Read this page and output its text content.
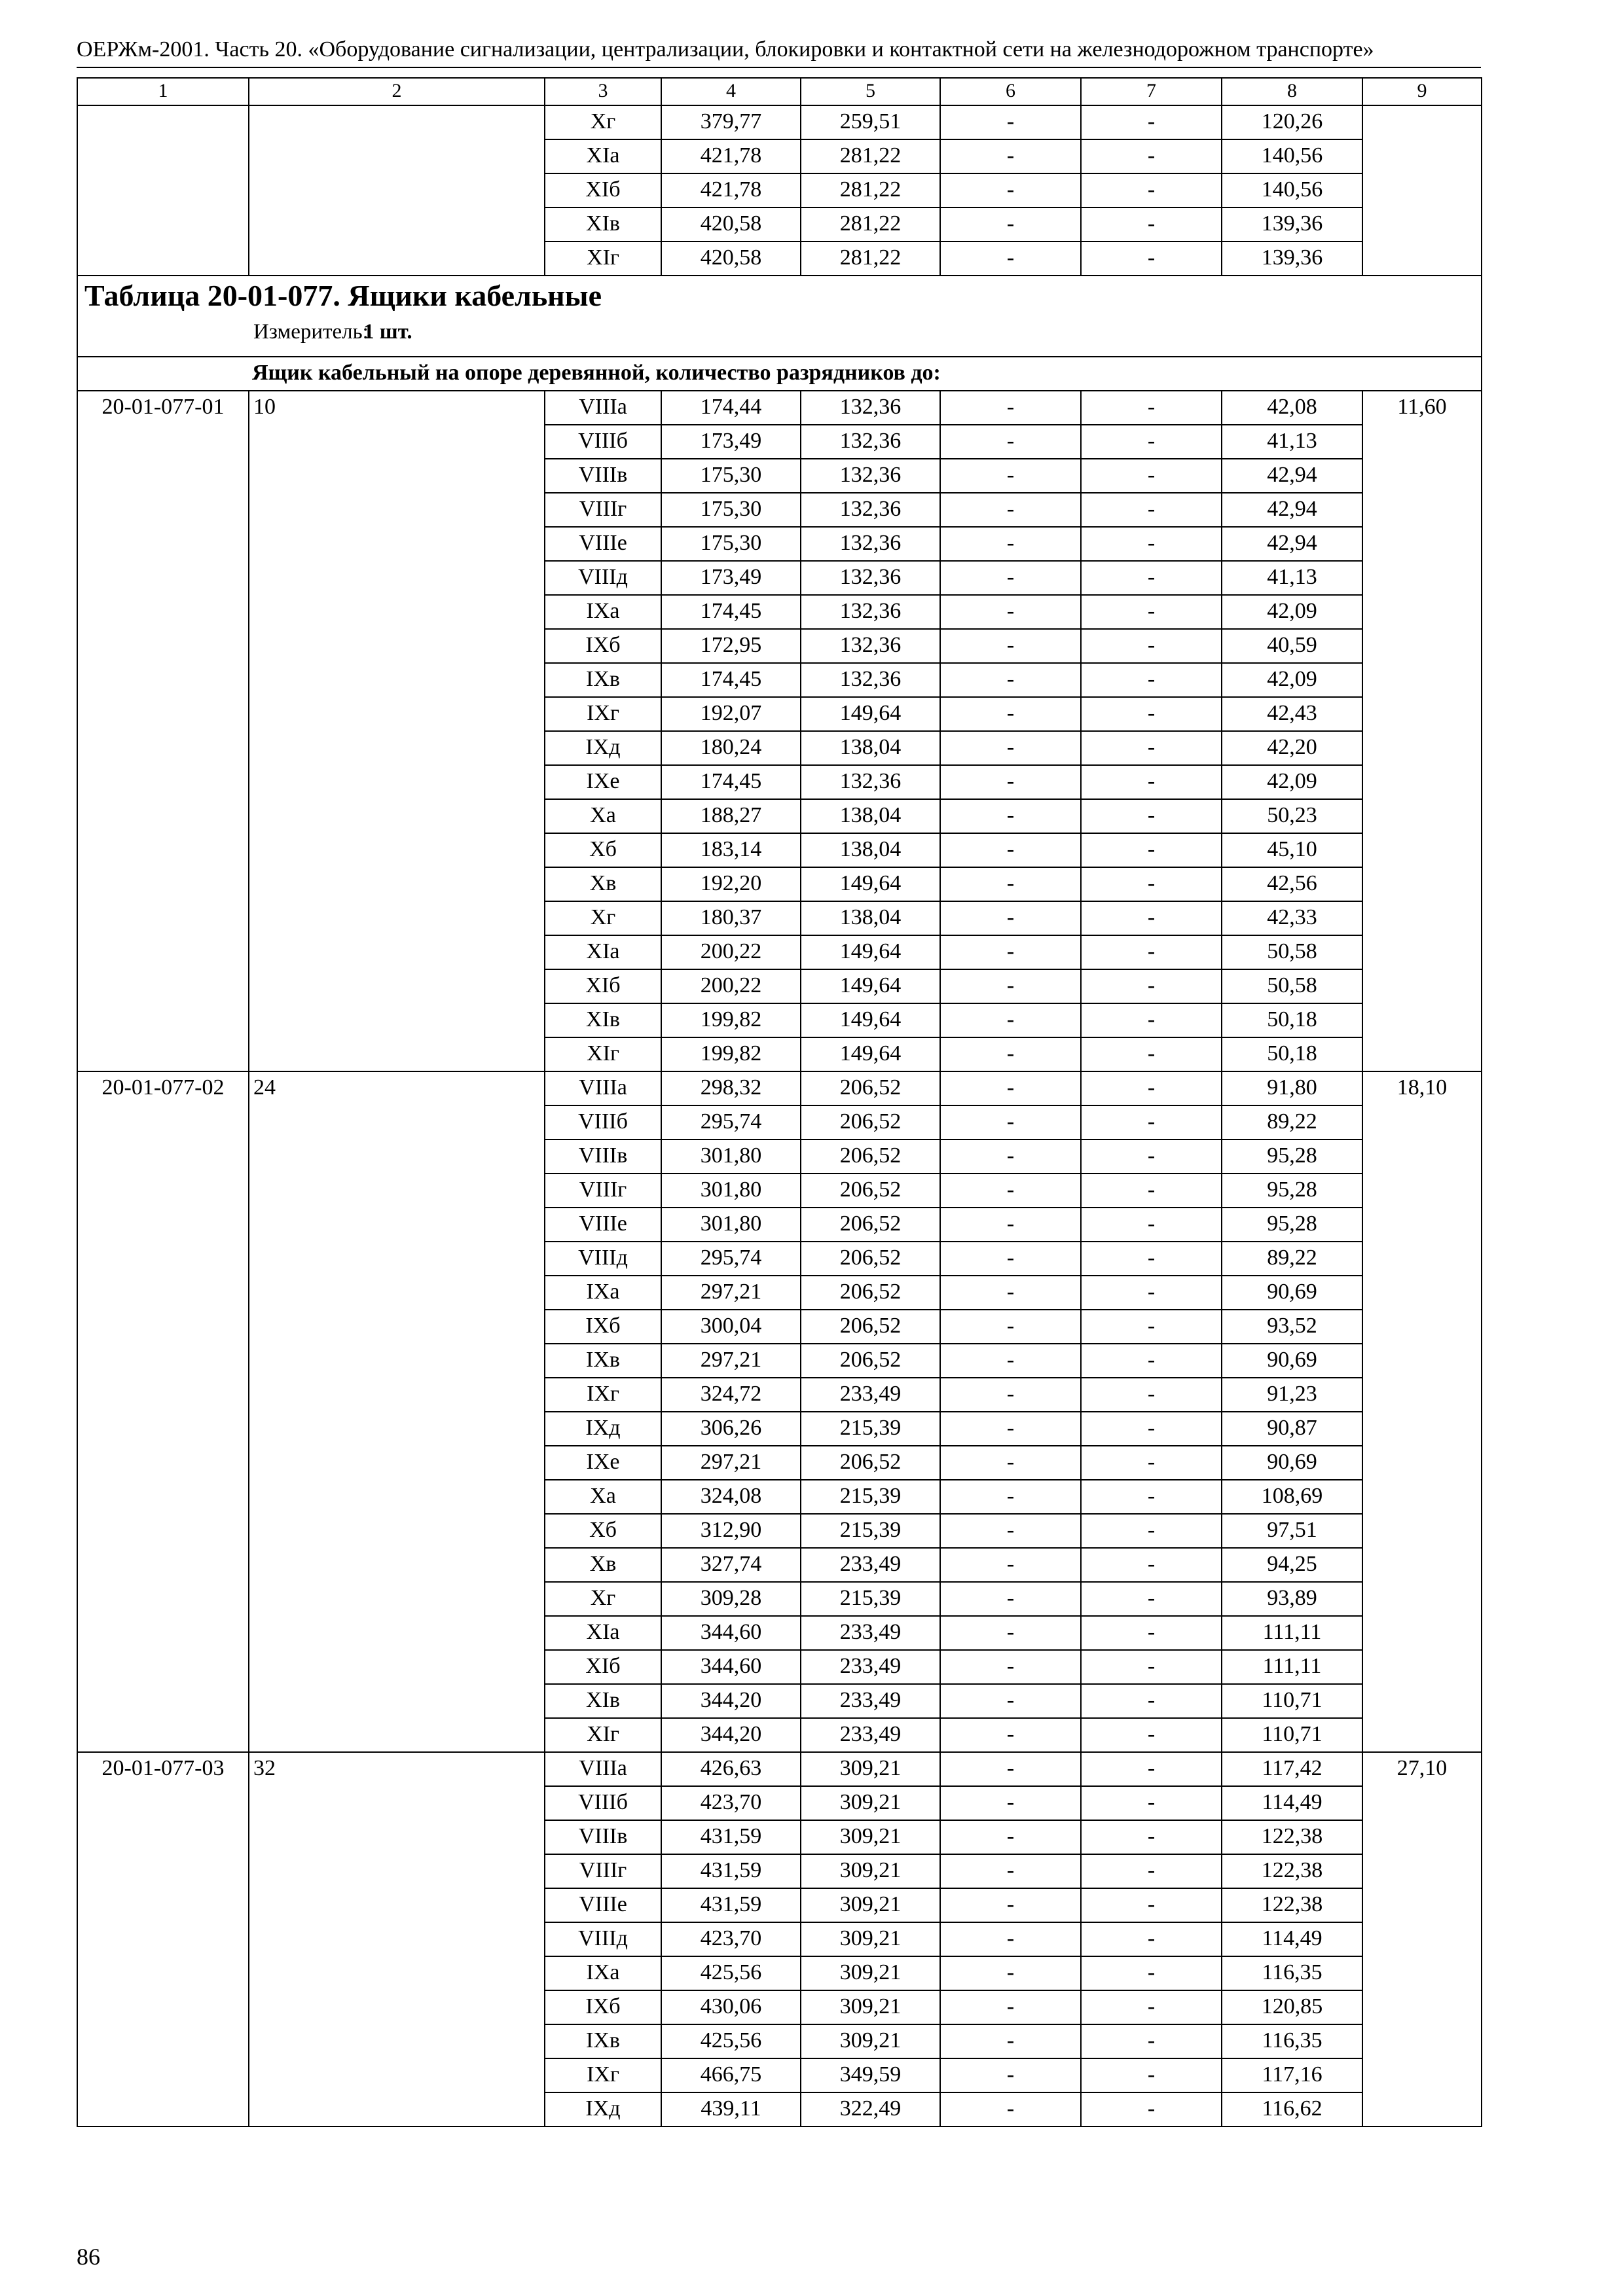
ОЕРЖм-2001. Часть 20. «Оборудование сигнализации, централизации, блокировки и контактной сети на железнодорожном транспорте»
1	2	3	4	5	6	7	8	9
		Xг	379,77	259,51	-	-	120,26	
		XIа	421,78	281,22	-	-	140,56	
		XIб	421,78	281,22	-	-	140,56	
		XIв	420,58	281,22	-	-	139,36	
		XIг	420,58	281,22	-	-	139,36	

Таблица 20-01-077. Ящики кабельные
Измеритель:1 шт.								

Ящик кабельный на опоре деревянной, количество разрядников до:								
20-01-077-01	10	VIIIа	174,44	132,36	-	-	42,08	11,60
		VIIIб	173,49	132,36	-	-	41,13	
		VIIIв	175,30	132,36	-	-	42,94	
		VIIIг	175,30	132,36	-	-	42,94	
		VIIIе	175,30	132,36	-	-	42,94	
		VIIIд	173,49	132,36	-	-	41,13	
		IXа	174,45	132,36	-	-	42,09	
		IXб	172,95	132,36	-	-	40,59	
		IXв	174,45	132,36	-	-	42,09	
		IXг	192,07	149,64	-	-	42,43	
		IXд	180,24	138,04	-	-	42,20	
		IXе	174,45	132,36	-	-	42,09	
		Xа	188,27	138,04	-	-	50,23	
		Xб	183,14	138,04	-	-	45,10	
		Xв	192,20	149,64	-	-	42,56	
		Xг	180,37	138,04	-	-	42,33	
		XIа	200,22	149,64	-	-	50,58	
		XIб	200,22	149,64	-	-	50,58	
		XIв	199,82	149,64	-	-	50,18	
		XIг	199,82	149,64	-	-	50,18	
20-01-077-02	24	VIIIа	298,32	206,52	-	-	91,80	18,10
		VIIIб	295,74	206,52	-	-	89,22	
		VIIIв	301,80	206,52	-	-	95,28	
		VIIIг	301,80	206,52	-	-	95,28	
		VIIIе	301,80	206,52	-	-	95,28	
		VIIIд	295,74	206,52	-	-	89,22	
		IXа	297,21	206,52	-	-	90,69	
		IXб	300,04	206,52	-	-	93,52	
		IXв	297,21	206,52	-	-	90,69	
		IXг	324,72	233,49	-	-	91,23	
		IXд	306,26	215,39	-	-	90,87	
		IXе	297,21	206,52	-	-	90,69	
		Xа	324,08	215,39	-	-	108,69	
		Xб	312,90	215,39	-	-	97,51	
		Xв	327,74	233,49	-	-	94,25	
		Xг	309,28	215,39	-	-	93,89	
		XIа	344,60	233,49	-	-	111,11	
		XIб	344,60	233,49	-	-	111,11	
		XIв	344,20	233,49	-	-	110,71	
		XIг	344,20	233,49	-	-	110,71	
20-01-077-03	32	VIIIа	426,63	309,21	-	-	117,42	27,10
		VIIIб	423,70	309,21	-	-	114,49	
		VIIIв	431,59	309,21	-	-	122,38	
		VIIIг	431,59	309,21	-	-	122,38	
		VIIIе	431,59	309,21	-	-	122,38	
		VIIIд	423,70	309,21	-	-	114,49	
		IXа	425,56	309,21	-	-	116,35	
		IXб	430,06	309,21	-	-	120,85	
		IXв	425,56	309,21	-	-	116,35	
		IXг	466,75	349,59	-	-	117,16	
		IXд	439,11	322,49	-	-	116,62	
86
